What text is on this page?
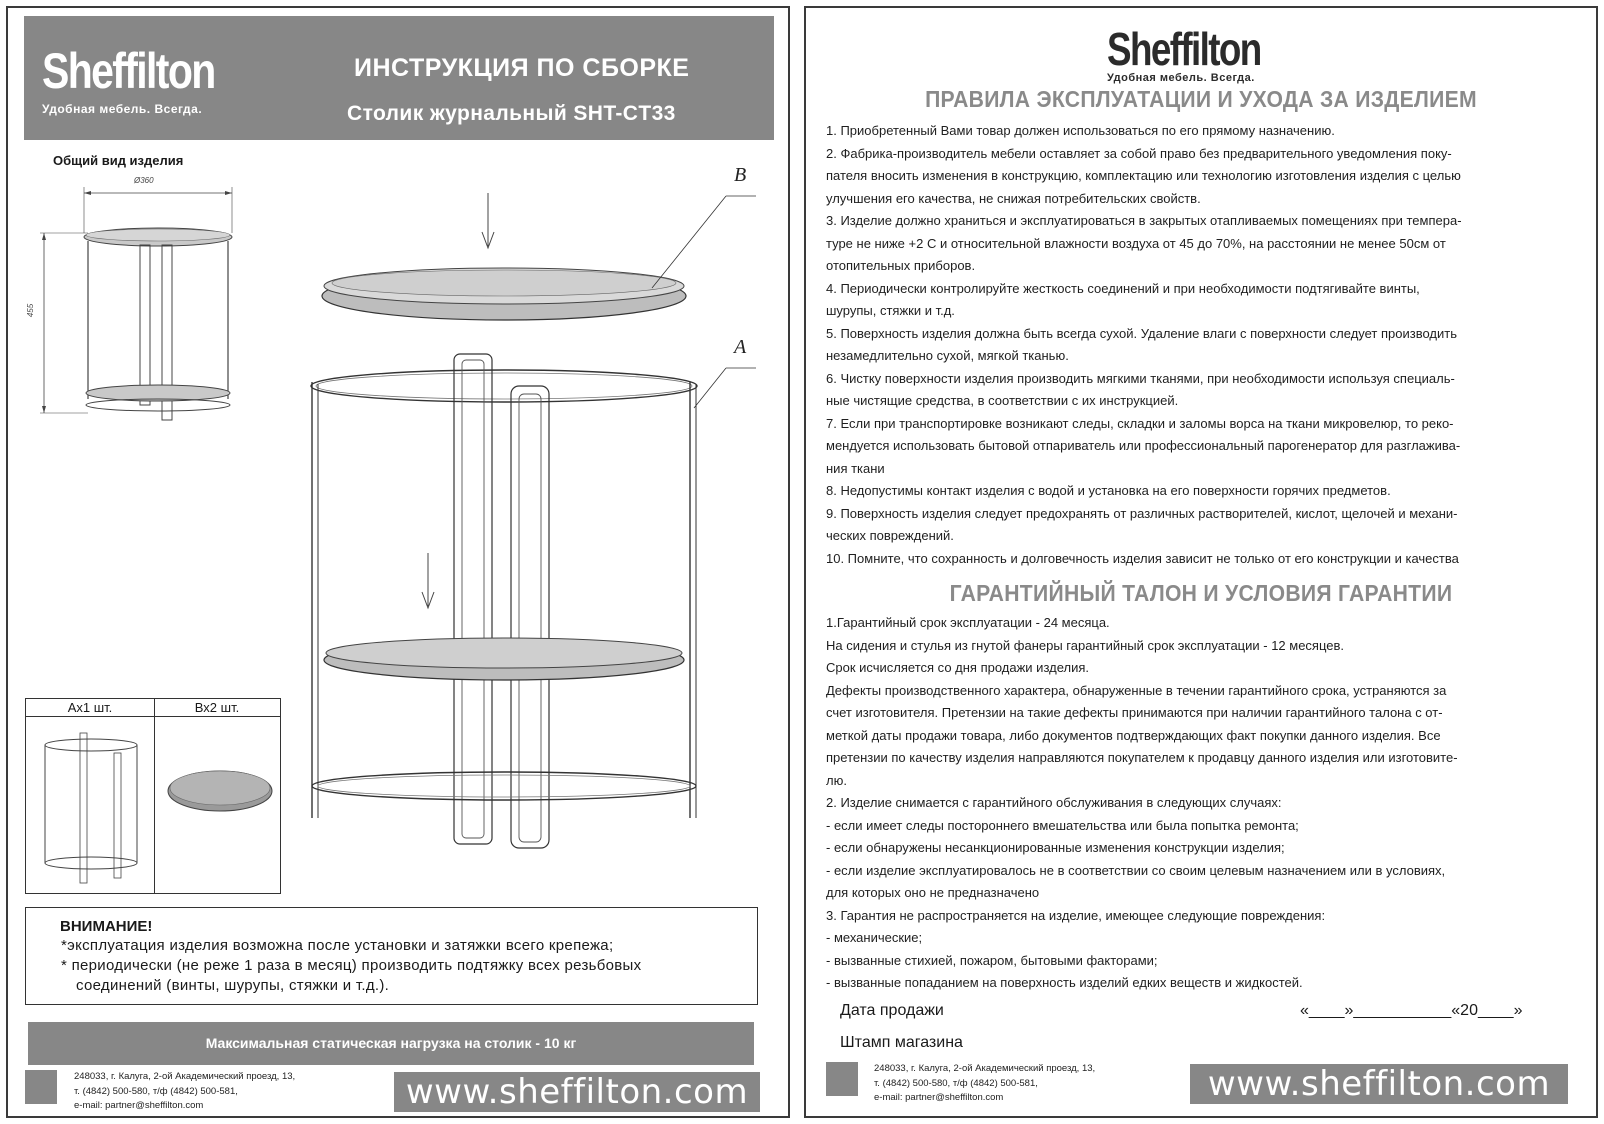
Sheffilton
Удобная мебель. Всегда.
ИНСТРУКЦИЯ ПО СБОРКЕ
Столик журнальный SHT-CT33
Общий вид изделия
Ø360
455
В
А
Ах1 шт.	Вх2 шт.
ВНИМАНИЕ!
*эксплуатация изделия возможна после установки и затяжки всего крепежа;
* периодически (не реже 1 раза в месяц) производить подтяжку всех резьбовых
соединений (винты, шурупы, стяжки и т.д.).
Максимальная статическая нагрузка на столик - 10 кг
248033, г. Калуга, 2-ой Академический проезд, 13,
т. (4842) 500-580, т/ф (4842) 500-581,
e-mail: partner@sheffilton.com	www.sheffilton.com
Sheffilton
Удобная мебель. Всегда.
ПРАВИЛА ЭКСПЛУАТАЦИИ И УХОДА ЗА ИЗДЕЛИЕМ

1. Приобретенный Вами товар должен использоваться по его прямому назначению.

2. Фабрика-производитель мебели оставляет за собой право без предварительного уведомления поку-

пателя вносить изменения в конструкцию, комплектацию или технологию изготовления изделия с целью

улучшения его качества, не снижая потребительских свойств.

3. Изделие должно храниться и эксплуатироваться в закрытых отапливаемых помещениях при темпера-

туре не ниже +2 С и относительной влажности воздуха от 45 до 70%, на расстоянии не менее 50см от

отопительных приборов.

4. Периодически контролируйте жесткость соединений и при необходимости подтягивайте винты,

шурупы, стяжки и т.д.

5. Поверхность изделия должна быть всегда сухой. Удаление влаги с поверхности следует производить

незамедлительно сухой, мягкой тканью.

6. Чистку поверхности изделия производить мягкими тканями, при необходимости используя специаль-

ные чистящие средства, в соответствии с их инструкцией.

7. Если при транспортировке возникают следы, складки и заломы ворса на ткани микровелюр, то реко-

мендуется использовать бытовой отпариватель или профессиональный парогенератор для разглажива-

ния ткани

8. Недопустимы контакт изделия с водой и установка на его поверхности горячих предметов.

9. Поверхность изделия следует предохранять от различных растворителей, кислот, щелочей и механи-

ческих повреждений.

10. Помните, что сохранность и долговечность изделия зависит не только от его конструкции и качества

ГАРАНТИЙНЫЙ ТАЛОН И УСЛОВИЯ ГАРАНТИИ

1.Гарантийный срок эксплуатации - 24 месяца.

На сидения и стулья из гнутой фанеры гарантийный срок эксплуатации - 12 месяцев.

Срок исчисляется со дня продажи изделия.

Дефекты производственного характера, обнаруженные в течении гарантийного срока, устраняются за

счет изготовителя. Претензии на такие дефекты принимаются при наличии гарантийного талона с от-

меткой даты продажи товара, либо документов подтверждающих факт покупки данного изделия. Все

претензии по качеству изделия направляются покупателем к продавцу данного изделия или изготовите-

лю.

2. Изделие снимается с гарантийного обслуживания в следующих случаях:

- если имеет следы постороннего вмешательства или была попытка ремонта;

- если обнаружены несанкционированные изменения конструкции изделия;

- если изделие эксплуатировалось не в соответствии со своим целевым назначением или в условиях,

для которых оно не предназначено

3. Гарантия не распространяется на изделие, имеющее следующие повреждения:

- механические;

- вызванные стихией, пожаром, бытовыми факторами;

- вызванные попаданием на поверхность изделий едких веществ и жидкостей.

Дата продажи	«____»___________«20____»
Штамп магазина
248033, г. Калуга, 2-ой Академический проезд, 13,
т. (4842) 500-580, т/ф (4842) 500-581,
e-mail: partner@sheffilton.com	www.sheffilton.com
